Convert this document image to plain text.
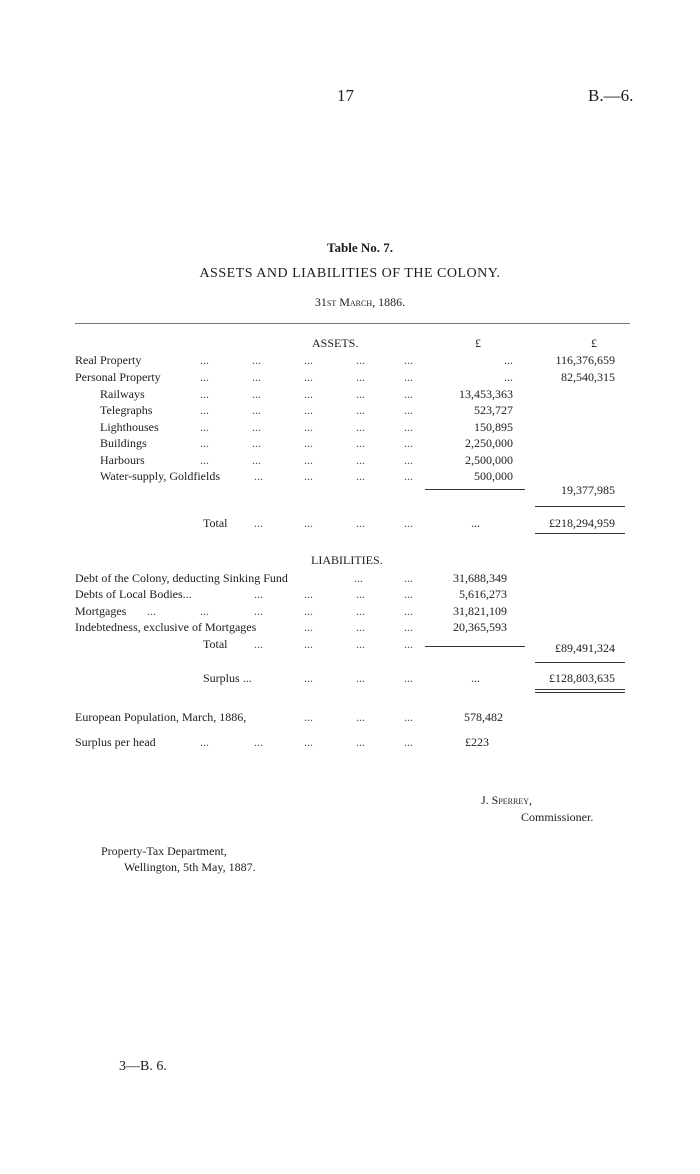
17	B.—6.
Table No. 7.
ASSETS AND LIABILITIES OF THE COLONY.
31st March, 1886.
ASSETS.	£	£
Real Property	...	...	...	...	...	...	116,376,659
Personal Property	...	...	...	...	...	...	82,540,315
Railways	...	...	...	...	...	13,453,363
Telegraphs	...	...	...	...	...	523,727
Lighthouses	...	...	...	...	...	150,895
Buildings	...	...	...	...	...	2,250,000
Harbours	...	...	...	...	...	2,500,000
Water-supply, Goldfields	...	...	...	...	500,000
19,377,985
Total ...	...	...	...	...	£218,294,959
LIABILITIES.
Debt of the Colony, deducting Sinking Fund	...	...	31,688,349
Debts of Local Bodies...	...	...	...	...	5,616,273
Mortgages ...	...	...	...	...	...	31,821,109
Indebtedness, exclusive of Mortgages	...	...	...	20,365,593
Total ...	...	...	...	£89,491,324
Surplus ...	...	...	...	...	£128,803,635
European Population, March, 1886,	...	...	...	578,482
Surplus per head	...	...	...	...	...	£223
J. Sperrey,
Commissioner.
Property-Tax Department,
Wellington, 5th May, 1887.
3—B. 6.
